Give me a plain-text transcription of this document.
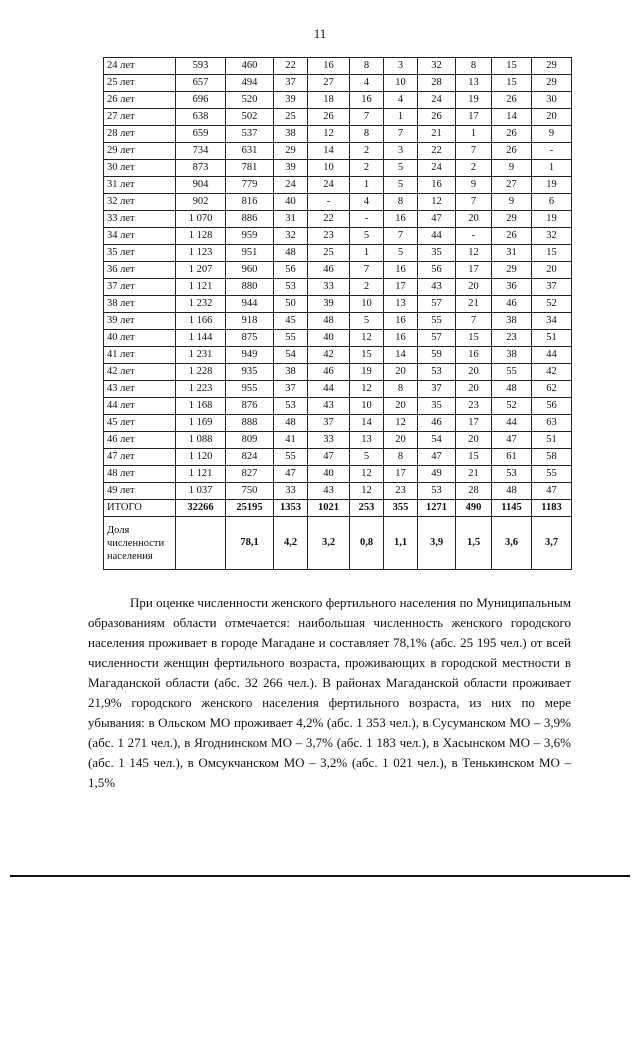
11
24 лет	593	460	22	16	8	3	32	8	15	29
25 лет	657	494	37	27	4	10	28	13	15	29
26 лет	696	520	39	18	16	4	24	19	26	30
27 лет	638	502	25	26	7	1	26	17	14	20
28 лет	659	537	38	12	8	7	21	1	26	9
29 лет	734	631	29	14	2	3	22	7	26	-
30 лет	873	781	39	10	2	5	24	2	9	1
31 лет	904	779	24	24	1	5	16	9	27	19
32 лет	902	816	40	-	4	8	12	7	9	6
33 лет	1 070	886	31	22	-	16	47	20	29	19
34 лет	1 128	959	32	23	5	7	44	-	26	32
35 лет	1 123	951	48	25	1	5	35	12	31	15
36 лет	1 207	960	56	46	7	16	56	17	29	20
37 лет	1 121	880	53	33	2	17	43	20	36	37
38 лет	1 232	944	50	39	10	13	57	21	46	52
39 лет	1 166	918	45	48	5	16	55	7	38	34
40 лет	1 144	875	55	40	12	16	57	15	23	51
41 лет	1 231	949	54	42	15	14	59	16	38	44
42 лет	1 228	935	38	46	19	20	53	20	55	42
43 лет	1 223	955	37	44	12	8	37	20	48	62
44 лет	1 168	876	53	43	10	20	35	23	52	56
45 лет	1 169	888	48	37	14	12	46	17	44	63
46 лет	1 088	809	41	33	13	20	54	20	47	51
47 лет	1 120	824	55	47	5	8	47	15	61	58
48 лет	1 121	827	47	40	12	17	49	21	53	55
49 лет	1 037	750	33	43	12	23	53	28	48	47
ИТОГО	32266	25195	1353	1021	253	355	1271	490	1145	1183
Доля численности населения		78,1	4,2	3,2	0,8	1,1	3,9	1,5	3,6	3,7

При оценке численности женского фертильного населения по Муниципальным образованиям области отмечается: наибольшая численность женского городского населения проживает в городе Магадане и составляет 78,1% (абс. 25 195 чел.) от всей численности женщин фертильного возраста, проживающих в городской местности в Магаданской области (абс. 32 266 чел.). В районах Магаданской области проживает 21,9% городского женского населения фертильного возраста, из них по мере убывания: в Ольском МО проживает 4,2% (абс. 1 353 чел.), в Сусуманском МО – 3,9% (абс. 1 271 чел.), в Ягоднинском МО – 3,7% (абс. 1 183 чел.), в Хасынском МО – 3,6% (абс. 1 145 чел.), в Омсукчанском МО – 3,2% (абс. 1 021 чел.), в Тенькинском МО – 1,5%
